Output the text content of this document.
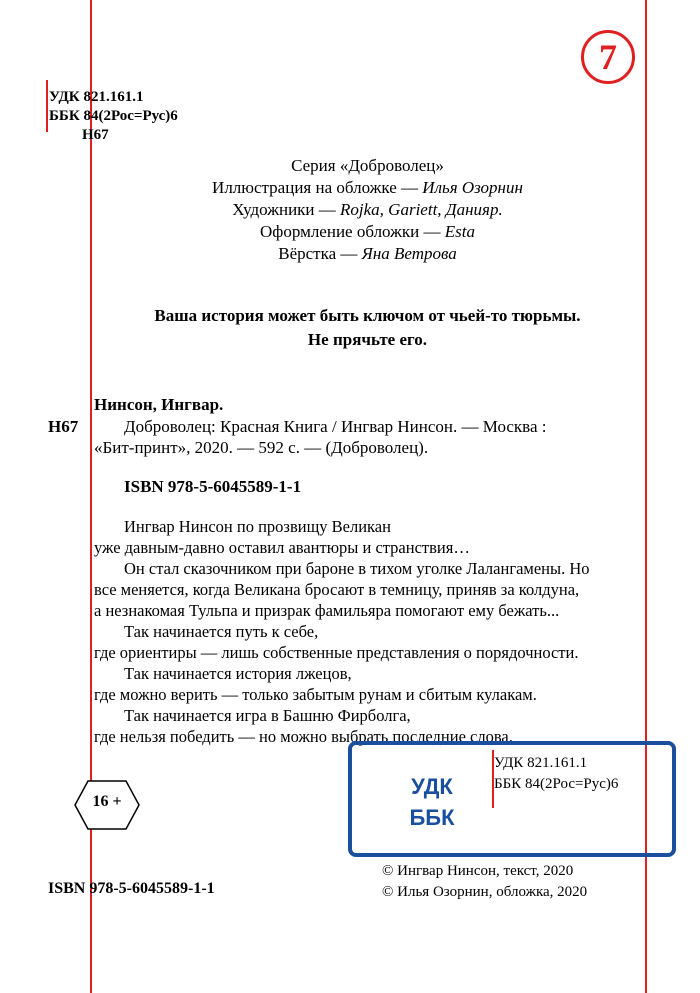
7
УДК 821.161.1
ББК 84(2Рос=Рус)6
Н67
Серия «Доброволец»
Иллюстрация на обложке — Илья Озорнин
Художники — Rojka, Gariett, Данияр.
Оформление обложки — Esta
Вёрстка — Яна Ветрова
Ваша история может быть ключом от чьей-то тюрьмы.
Не прячьте его.
Нинсон, Ингвар.
Н67	Доброволец: Красная Книга / Ингвар Нинсон. — Москва :
«Бит-принт», 2020. — 592 с. — (Доброволец).
ISBN 978-5-6045589-1-1
Ингвар Нинсон по прозвищу Великан
уже давным-давно оставил авантюры и странствия…
Он стал сказочником при бароне в тихом уголке Лалангамены. Но
все меняется, когда Великана бросают в темницу, приняв за колдуна,
а незнакомая Тульпа и призрак фамильяра помогают ему бежать...
Так начинается путь к себе,
где ориентиры — лишь собственные представления о порядочности.
Так начинается история лжецов,
где можно верить — только забытым рунам и сбитым кулакам.
Так начинается игра в Башню Фирболга,
где нельзя победить — но можно выбрать последние слова.
16 +
УДК
ББК
УДК 821.161.1
ББК 84(2Рос=Рус)6
© Ингвар Нинсон, текст, 2020
© Илья Озорнин, обложка, 2020
ISBN 978-5-6045589-1-1
